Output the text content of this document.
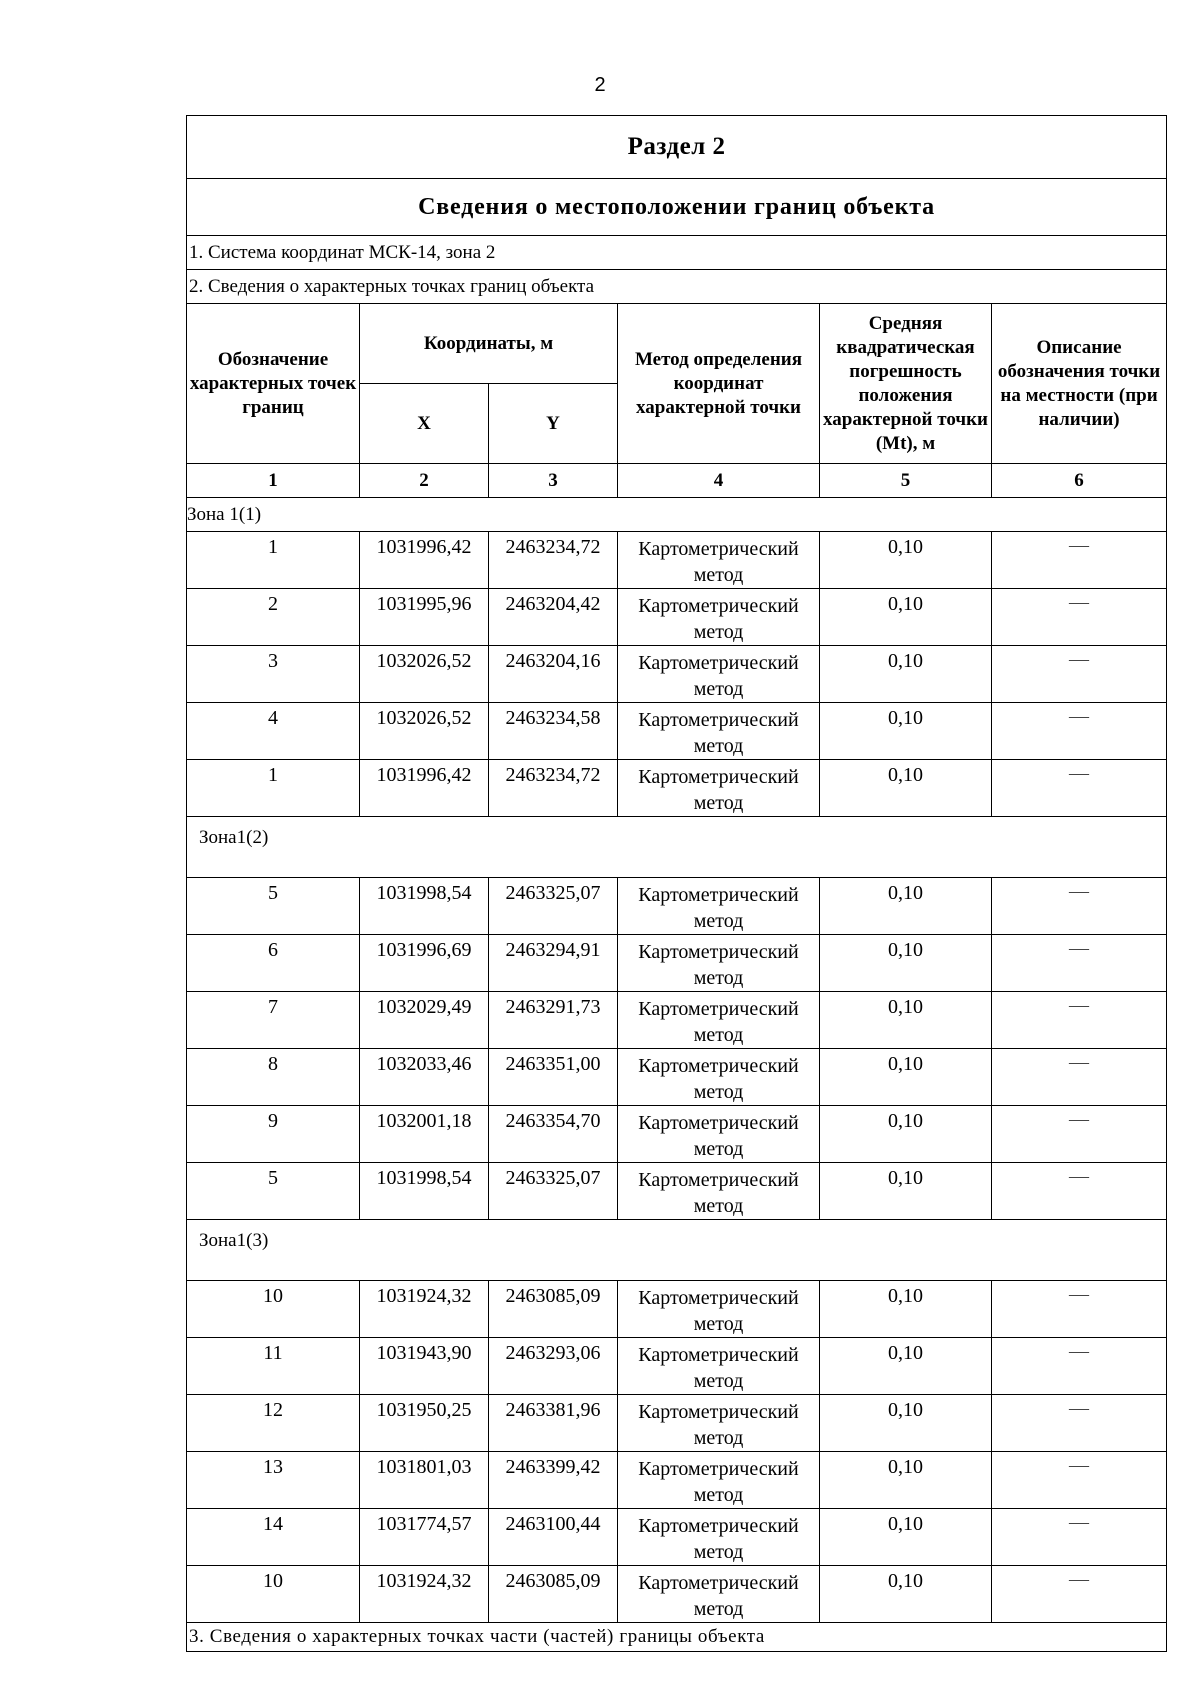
2
Раздел 2					
Сведения о местоположении границ объекта					
1. Система координат МСК-14, зона 2					
2. Сведения о характерных точках границ объекта					
Обозначение характерных точек границ	Координаты, м		Метод определения координат характерной точки	Средняя квадратическая погрешность положения характерной точки (Mt), м	Описание обозначения точки на местности (при наличии)
	X	Y			
1	2	3	4	5	6
Зона 1(1)					
1	1031996,42	2463234,72	Картометрический метод	0,10	—
2	1031995,96	2463204,42	Картометрический метод	0,10	—
3	1032026,52	2463204,16	Картометрический метод	0,10	—
4	1032026,52	2463234,58	Картометрический метод	0,10	—
1	1031996,42	2463234,72	Картометрический метод	0,10	—
Зона1(2)					
5	1031998,54	2463325,07	Картометрический метод	0,10	—
6	1031996,69	2463294,91	Картометрический метод	0,10	—
7	1032029,49	2463291,73	Картометрический метод	0,10	—
8	1032033,46	2463351,00	Картометрический метод	0,10	—
9	1032001,18	2463354,70	Картометрический метод	0,10	—
5	1031998,54	2463325,07	Картометрический метод	0,10	—
Зона1(3)					
10	1031924,32	2463085,09	Картометрический метод	0,10	—
11	1031943,90	2463293,06	Картометрический метод	0,10	—
12	1031950,25	2463381,96	Картометрический метод	0,10	—
13	1031801,03	2463399,42	Картометрический метод	0,10	—
14	1031774,57	2463100,44	Картометрический метод	0,10	—
10	1031924,32	2463085,09	Картометрический метод	0,10	—
3. Сведения о характерных точках части (частей) границы объекта					
